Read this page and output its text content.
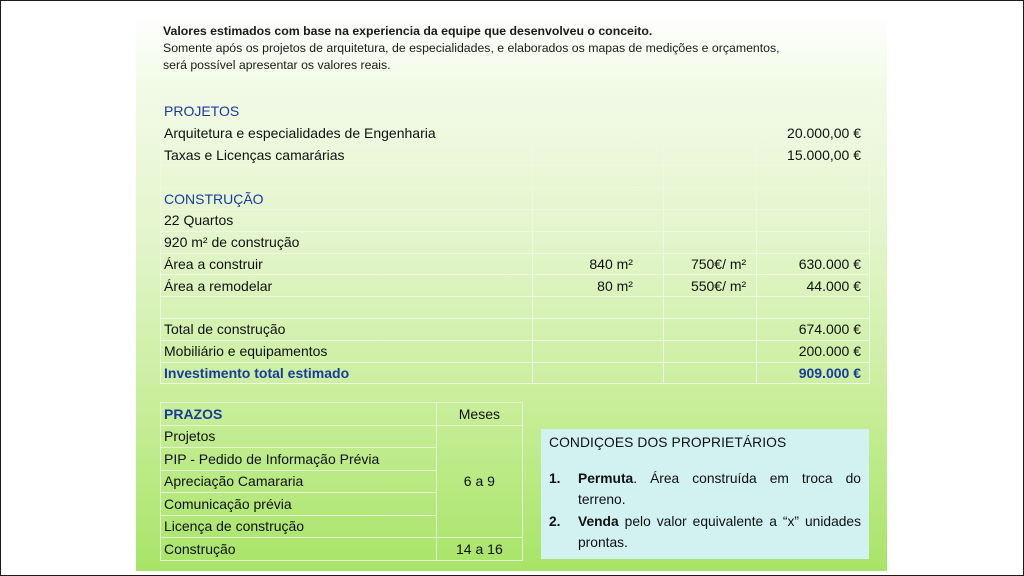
Valores estimados com base na experiencia da equipe que desenvolveu o conceito.
Somente após os projetos de arquitetura, de especialidades, e elaborados os mapas de medições e orçamentos,
será possível apresentar os valores reais.
PROJETOS			
Arquitetura e especialidades de Engenharia			20.000,00 €
Taxas e Licenças camarárias			15.000,00 €

CONSTRUÇÃO			
22 Quartos			
920 m² de construção			
Área a construir	840 m²	750€/ m²	630.000 €
Área a remodelar	80 m²	550€/ m²	44.000 €

Total de construção			674.000 €
Mobiliário e equipamentos			200.000 €
Investimento total estimado			909.000 €
PRAZOS	Meses
Projetos	6 a 9
PIP - Pedido de Informação Prévia	
Apreciação Camararia	
Comunicação prévia	
Licença de construção	
Construção	14 a 16
CONDIÇOES DOS PROPRIETÁRIOS
1. Permuta. Área construída em troca do terreno.
2. Venda pelo valor equivalente a “x” unidades prontas.
